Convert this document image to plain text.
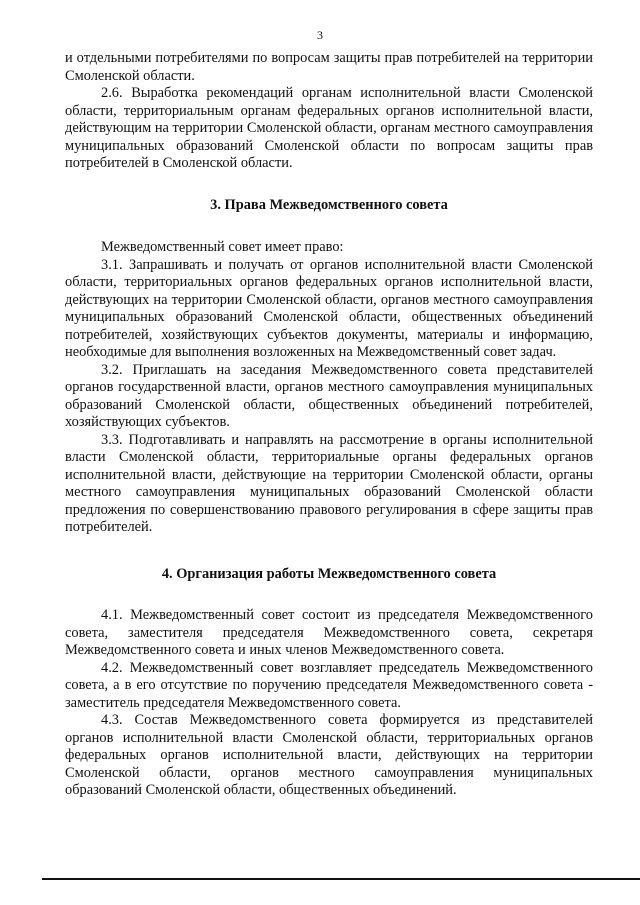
3

и отдельными потребителями по вопросам защиты прав потребителей на территории Смоленской области.

2.6. Выработка рекомендаций органам исполнительной власти Смоленской области, территориальным органам федеральных органов исполнительной власти, действующим на территории Смоленской области, органам местного самоуправления муниципальных образований Смоленской области по вопросам защиты прав потребителей в Смоленской области.

3. Права Межведомственного совета

Межведомственный совет имеет право:

3.1. Запрашивать и получать от органов исполнительной власти Смоленской области, территориальных органов федеральных органов исполнительной власти, действующих на территории Смоленской области, органов местного самоуправления муниципальных образований Смоленской области, общественных объединений потребителей, хозяйствующих субъектов документы, материалы и информацию, необходимые для выполнения возложенных на Межведомственный совет задач.

3.2. Приглашать на заседания Межведомственного совета представителей органов государственной власти, органов местного самоуправления муниципальных образований Смоленской области, общественных объединений потребителей, хозяйствующих субъектов.

3.3. Подготавливать и направлять на рассмотрение в органы исполнительной власти Смоленской области, территориальные органы федеральных органов исполнительной власти, действующие на территории Смоленской области, органы местного самоуправления муниципальных образований Смоленской области предложения по совершенствованию правового регулирования в сфере защиты прав потребителей.

4. Организация работы Межведомственного совета

4.1. Межведомственный совет состоит из председателя Межведомственного совета, заместителя председателя Межведомственного совета, секретаря Межведомственного совета и иных членов Межведомственного совета.

4.2. Межведомственный совет возглавляет председатель Межведомственного совета, а в его отсутствие по поручению председателя Межведомственного совета - заместитель председателя Межведомственного совета.

4.3. Состав Межведомственного совета формируется из представителей органов исполнительной власти Смоленской области, территориальных органов федеральных органов исполнительной власти, действующих на территории Смоленской области, органов местного самоуправления муниципальных образований Смоленской области, общественных объединений.
